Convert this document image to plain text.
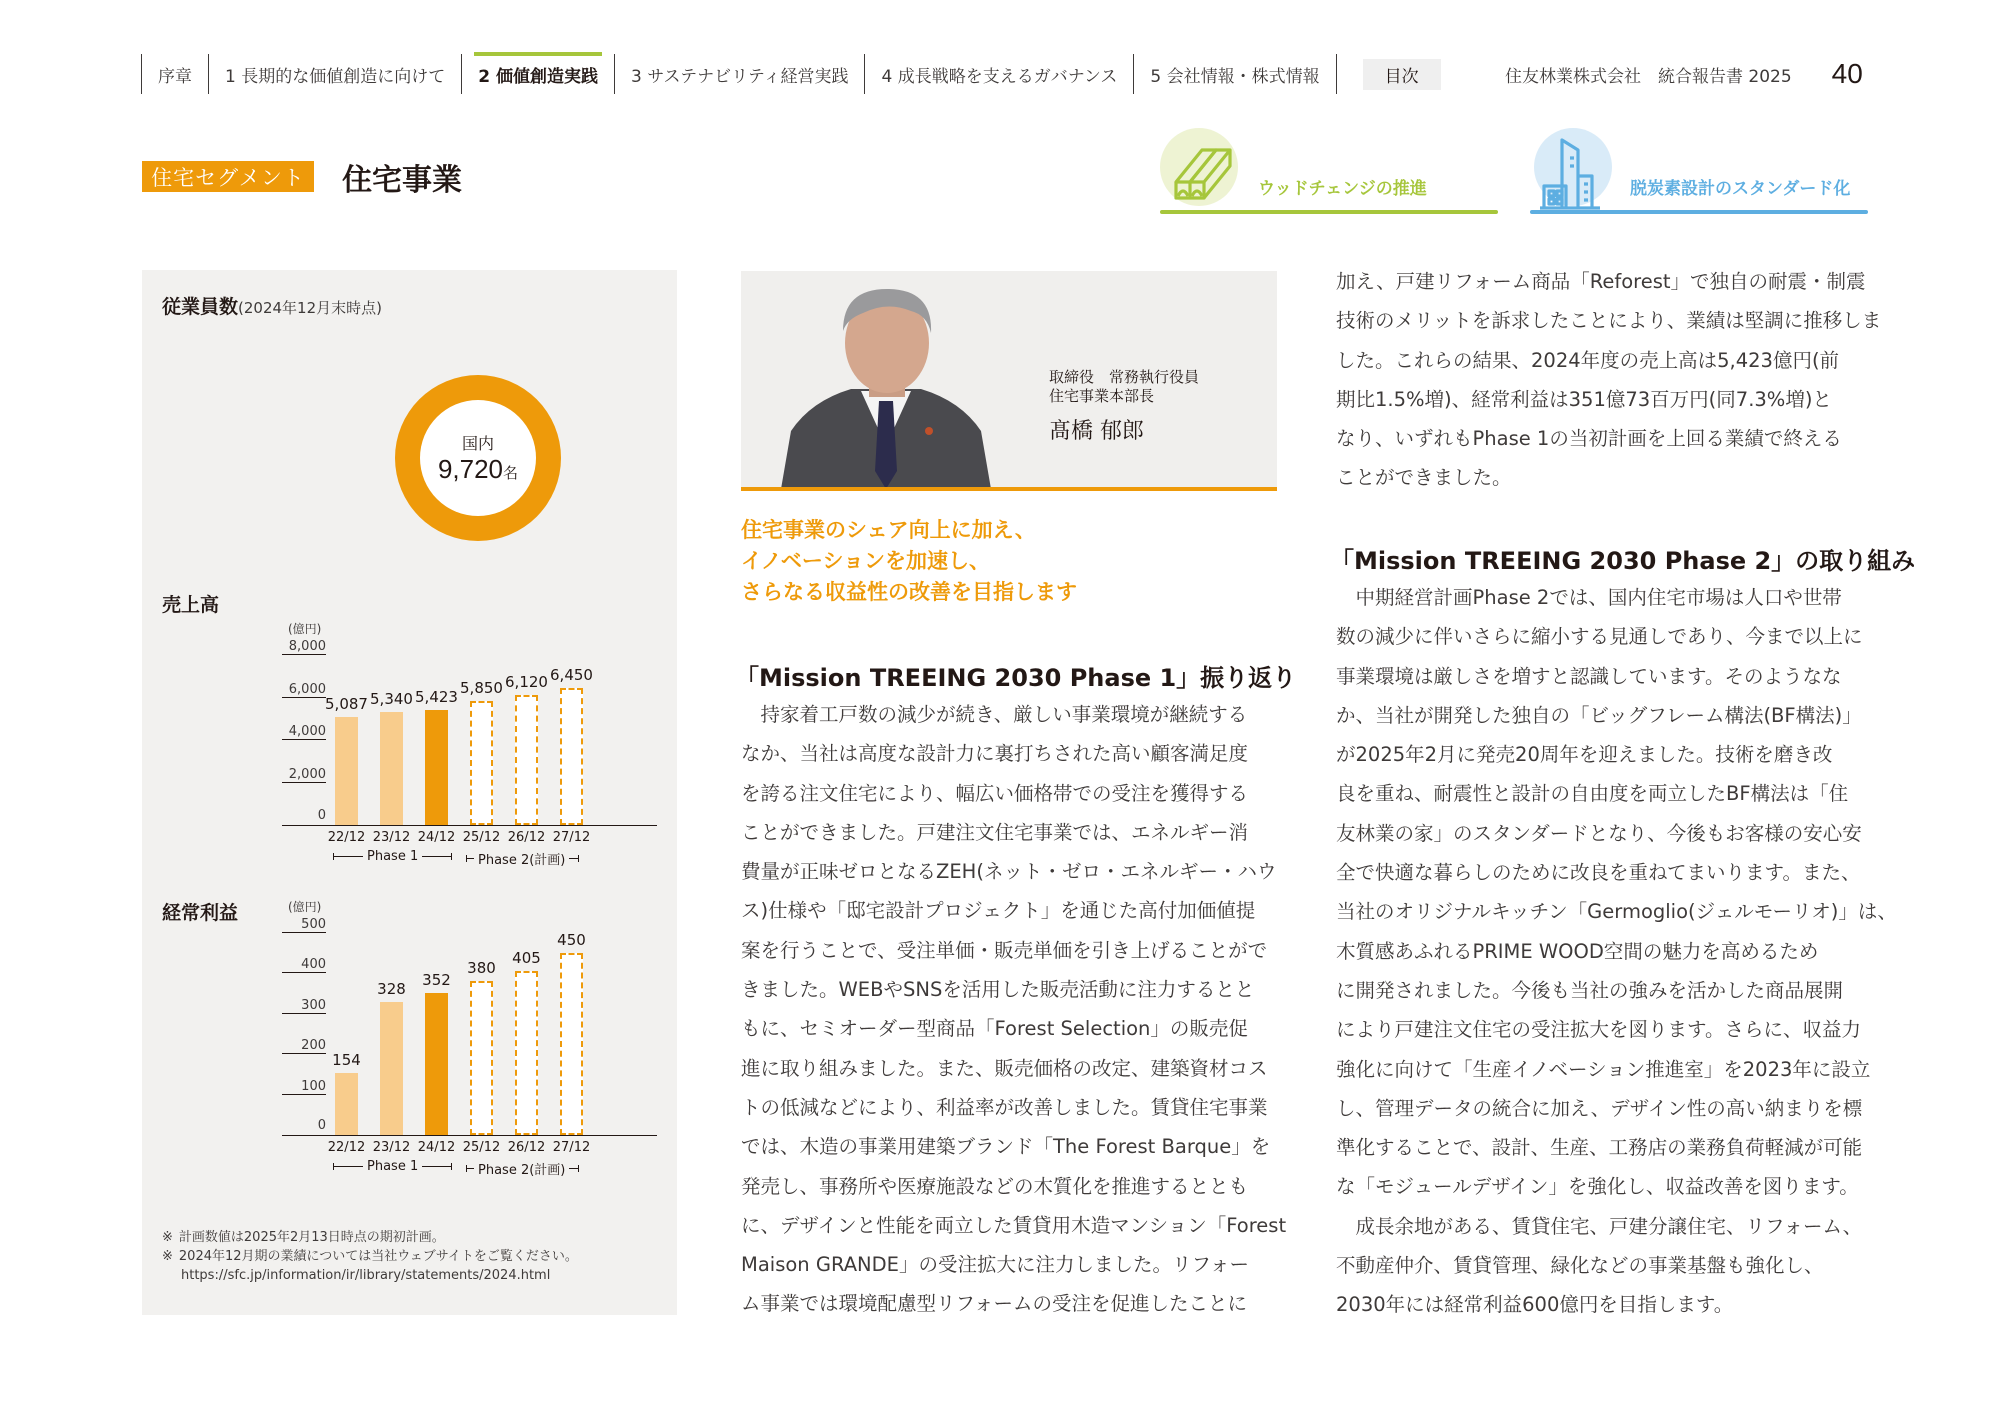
序章	1 長期的な価値創造に向けて	2 価値創造実践	3 サステナビリティ経営実践	4 成長戦略を支えるガバナンス	5 会社情報・株式情報	目次	住友林業株式会社　統合報告書 2025 40
住宅セグメント	住宅事業	ウッドチェンジの推進	脱炭素設計のスタンダード化
従業員数(2024年12月末時点)
国内
9,720名
売上高
(億円)
0
2,000
4,000
6,000
8,000
5,087
22/12
5,340
23/12
5,423
24/12
5,850
25/12
6,120
26/12
6,450
27/12
Phase 1	Phase 2(計画)
経常利益	(億円)
0
100
200
300
400
500
154
22/12
328
23/12
352
24/12
380
25/12
405
26/12
450
27/12
Phase 1	Phase 2(計画)
※ 計画数値は2025年2月13日時点の期初計画。
※ 2024年12月期の業績については当社ウェブサイトをご覧ください。
https://sfc.jp/information/ir/library/statements/2024.html
取締役　常務執行役員
住宅事業本部長
髙橋 郁郎
住宅事業のシェア向上に加え、
イノベーションを加速し、
さらなる収益性の改善を目指します
「Mission TREEING 2030 Phase 1」振り返り
　持家着工戸数の減少が続き、厳しい事業環境が継続する
なか、当社は高度な設計力に裏打ちされた高い顧客満足度
を誇る注文住宅により、幅広い価格帯での受注を獲得する
ことができました。戸建注文住宅事業では、エネルギー消
費量が正味ゼロとなるZEH(ネット・ゼロ・エネルギー・ハウ
ス)仕様や「邸宅設計プロジェクト」を通じた高付加価値提
案を行うことで、受注単価・販売単価を引き上げることがで
きました。WEBやSNSを活用した販売活動に注力するとと
もに、セミオーダー型商品「Forest Selection」の販売促
進に取り組みました。また、販売価格の改定、建築資材コス
トの低減などにより、利益率が改善しました。賃貸住宅事業
では、木造の事業用建築ブランド「The Forest Barque」を
発売し、事務所や医療施設などの木質化を推進するととも
に、デザインと性能を両立した賃貸用木造マンション「Forest
Maison GRANDE」の受注拡大に注力しました。リフォー
ム事業では環境配慮型リフォームの受注を促進したことに
加え、戸建リフォーム商品「Reforest」で独自の耐震・制震
技術のメリットを訴求したことにより、業績は堅調に推移しま
した。これらの結果、2024年度の売上高は5,423億円(前
期比1.5%増)、経常利益は351億73百万円(同7.3%増)と
なり、いずれもPhase 1の当初計画を上回る業績で終える
ことができました。
「Mission TREEING 2030 Phase 2」の取り組み
　中期経営計画Phase 2では、国内住宅市場は人口や世帯
数の減少に伴いさらに縮小する見通しであり、今まで以上に
事業環境は厳しさを増すと認識しています。そのようなな
か、当社が開発した独自の「ビッグフレーム構法(BF構法)」
が2025年2月に発売20周年を迎えました。技術を磨き改
良を重ね、耐震性と設計の自由度を両立したBF構法は「住
友林業の家」のスタンダードとなり、今後もお客様の安心安
全で快適な暮らしのために改良を重ねてまいります。また、
当社のオリジナルキッチン「Germoglio(ジェルモーリオ)」は、
木質感あふれるPRIME WOOD空間の魅力を高めるため
に開発されました。今後も当社の強みを活かした商品展開
により戸建注文住宅の受注拡大を図ります。さらに、収益力
強化に向けて「生産イノベーション推進室」を2023年に設立
し、管理データの統合に加え、デザイン性の高い納まりを標
準化することで、設計、生産、工務店の業務負荷軽減が可能
な「モジュールデザイン」を強化し、収益改善を図ります。
　成長余地がある、賃貸住宅、戸建分譲住宅、リフォーム、
不動産仲介、賃貸管理、緑化などの事業基盤も強化し、
2030年には経常利益600億円を目指します。
